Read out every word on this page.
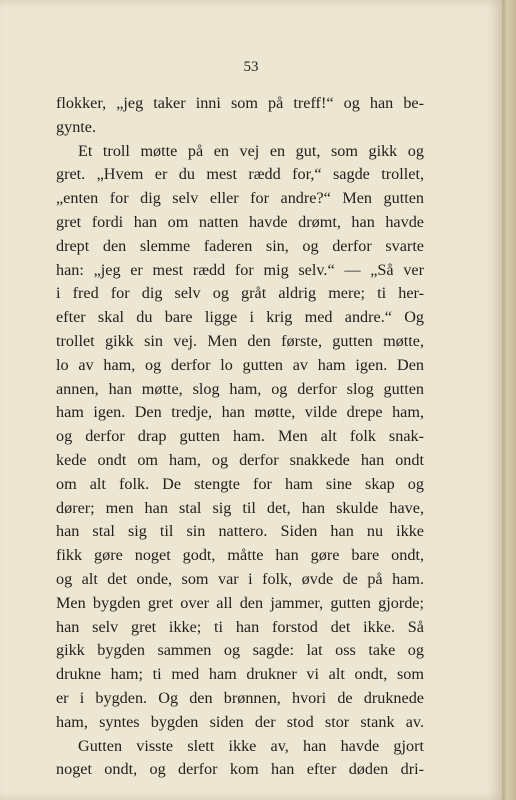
53
flokker, „jeg taker inni som på treff!“ og han be-
gynte.
Et troll møtte på en vej en gut, som gikk og
gret. „Hvem er du mest rædd for,“ sagde trollet,
„enten for dig selv eller for andre?“ Men gutten
gret fordi han om natten havde drømt, han havde
drept den slemme faderen sin, og derfor svarte
han: „jeg er mest rædd for mig selv.“ — „Så ver
i fred for dig selv og gråt aldrig mere; ti her-
efter skal du bare ligge i krig med andre.“ Og
trollet gikk sin vej. Men den første, gutten møtte,
lo av ham, og derfor lo gutten av ham igen. Den
annen, han møtte, slog ham, og derfor slog gutten
ham igen. Den tredje, han møtte, vilde drepe ham,
og derfor drap gutten ham. Men alt folk snak-
kede ondt om ham, og derfor snakkede han ondt
om alt folk. De stengte for ham sine skap og
dører; men han stal sig til det, han skulde have,
han stal sig til sin nattero. Siden han nu ikke
fikk gøre noget godt, måtte han gøre bare ondt,
og alt det onde, som var i folk, øvde de på ham.
Men bygden gret over all den jammer, gutten gjorde;
han selv gret ikke; ti han forstod det ikke. Så
gikk bygden sammen og sagde: lat oss take og
drukne ham; ti med ham drukner vi alt ondt, som
er i bygden. Og den brønnen, hvori de druknede
ham, syntes bygden siden der stod stor stank av.
Gutten visste slett ikke av, han havde gjort
noget ondt, og derfor kom han efter døden dri-
